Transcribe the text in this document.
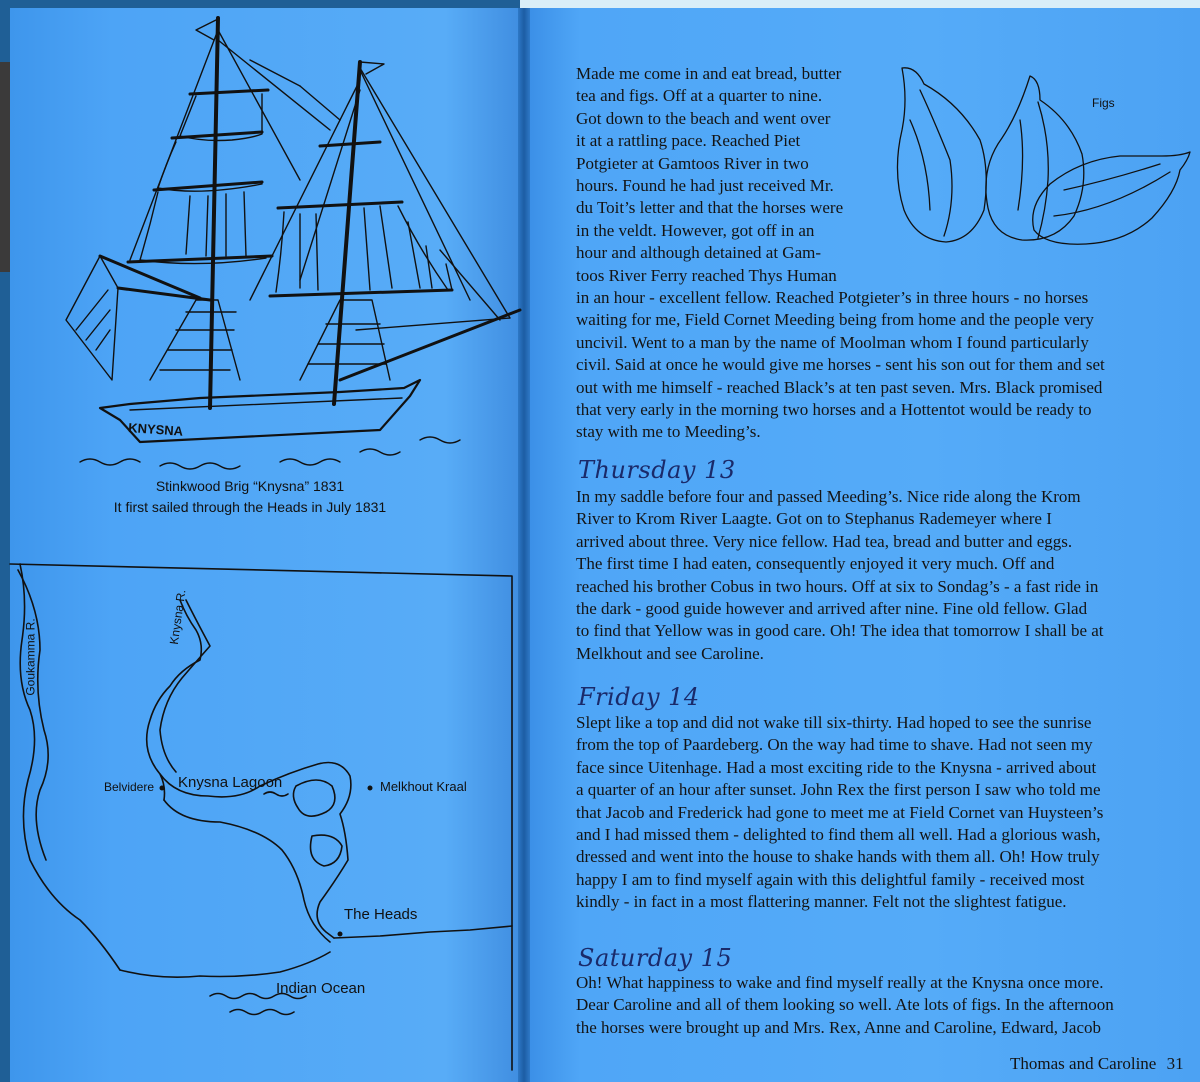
KNYSNA
Stinkwood Brig “Knysna” 1831
It first sailed through the Heads in July 1831
Goukamma R.
Knysna R.
Belvidere Knysna Lagoon	Melkhout Kraal
The Heads
Indian Ocean
Figs

Made me come in and eat bread, butter

tea and figs. Off at a quarter to nine.

Got down to the beach and went over

it at a rattling pace. Reached Piet

Potgieter at Gamtoos River in two

hours. Found he had just received Mr.

du Toit’s letter and that the horses were

in the veldt. However, got off in an

hour and although detained at Gam-

toos River Ferry reached Thys Human

in an hour - excellent fellow. Reached Potgieter’s in three hours - no horses

waiting for me, Field Cornet Meeding being from home and the people very

uncivil. Went to a man by the name of Moolman whom I found particularly

civil. Said at once he would give me horses - sent his son out for them and set

out with me himself - reached Black’s at ten past seven. Mrs. Black promised

that very early in the morning two horses and a Hottentot would be ready to

stay with me to Meeding’s.

Thursday 13

In my saddle before four and passed Meeding’s. Nice ride along the Krom

River to Krom River Laagte. Got on to Stephanus Rademeyer where I

arrived about three. Very nice fellow. Had tea, bread and butter and eggs.

The first time I had eaten, consequently enjoyed it very much. Off and

reached his brother Cobus in two hours. Off at six to Sondag’s - a fast ride in

the dark - good guide however and arrived after nine. Fine old fellow. Glad

to find that Yellow was in good care. Oh! The idea that tomorrow I shall be at

Melkhout and see Caroline.

Friday 14

Slept like a top and did not wake till six-thirty. Had hoped to see the sunrise

from the top of Paardeberg. On the way had time to shave. Had not seen my

face since Uitenhage. Had a most exciting ride to the Knysna - arrived about

a quarter of an hour after sunset. John Rex the first person I saw who told me

that Jacob and Frederick had gone to meet me at Field Cornet van Huysteen’s

and I had missed them - delighted to find them all well. Had a glorious wash,

dressed and went into the house to shake hands with them all. Oh! How truly

happy I am to find myself again with this delightful family - received most

kindly - in fact in a most flattering manner. Felt not the slightest fatigue.

Saturday 15

Oh! What happiness to wake and find myself really at the Knysna once more.

Dear Caroline and all of them looking so well. Ate lots of figs. In the afternoon

the horses were brought up and Mrs. Rex, Anne and Caroline, Edward, Jacob

Thomas and Caroline 31
